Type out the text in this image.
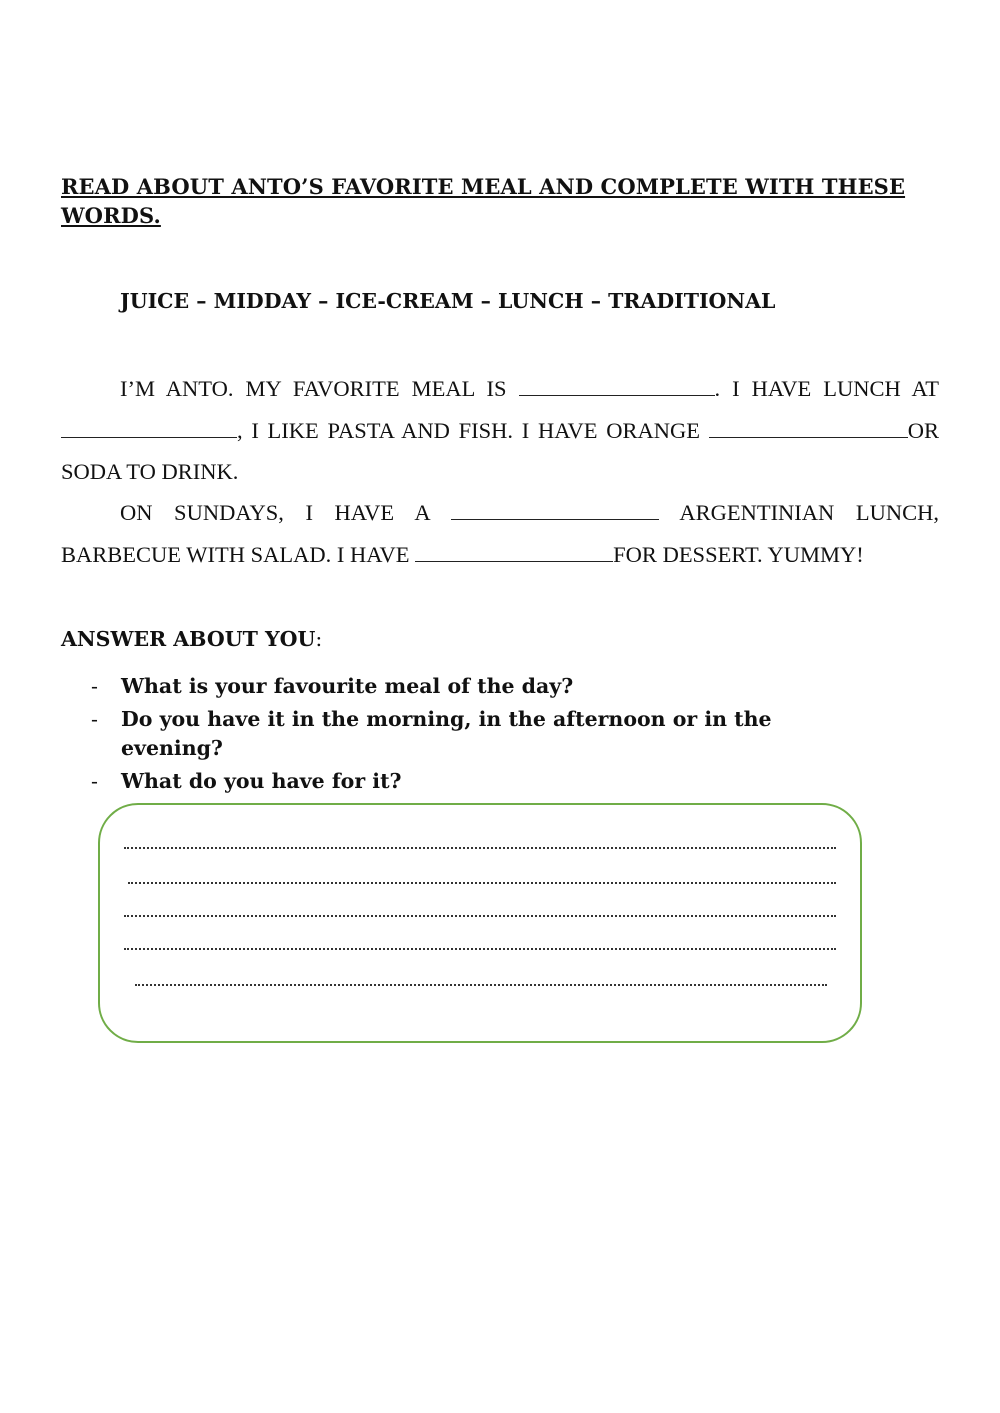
READ ABOUT ANTO’S FAVORITE MEAL AND COMPLETE WITH THESE WORDS.
JUICE – MIDDAY – ICE-CREAM – LUNCH – TRADITIONAL

I’M ANTO. MY FAVORITE MEAL IS	. I HAVE LUNCH AT , I LIKE PASTA AND FISH. I HAVE ORANGE	OR SODA TO DRINK.

ON SUNDAYS, I HAVE A	ARGENTINIAN LUNCH, BARBECUE WITH SALAD. I HAVE	FOR DESSERT. YUMMY!

ANSWER ABOUT YOU:
- What is your favourite meal of the day?
- Do you have it in the morning, in the afternoon or in the evening?
- What do you have for it?
